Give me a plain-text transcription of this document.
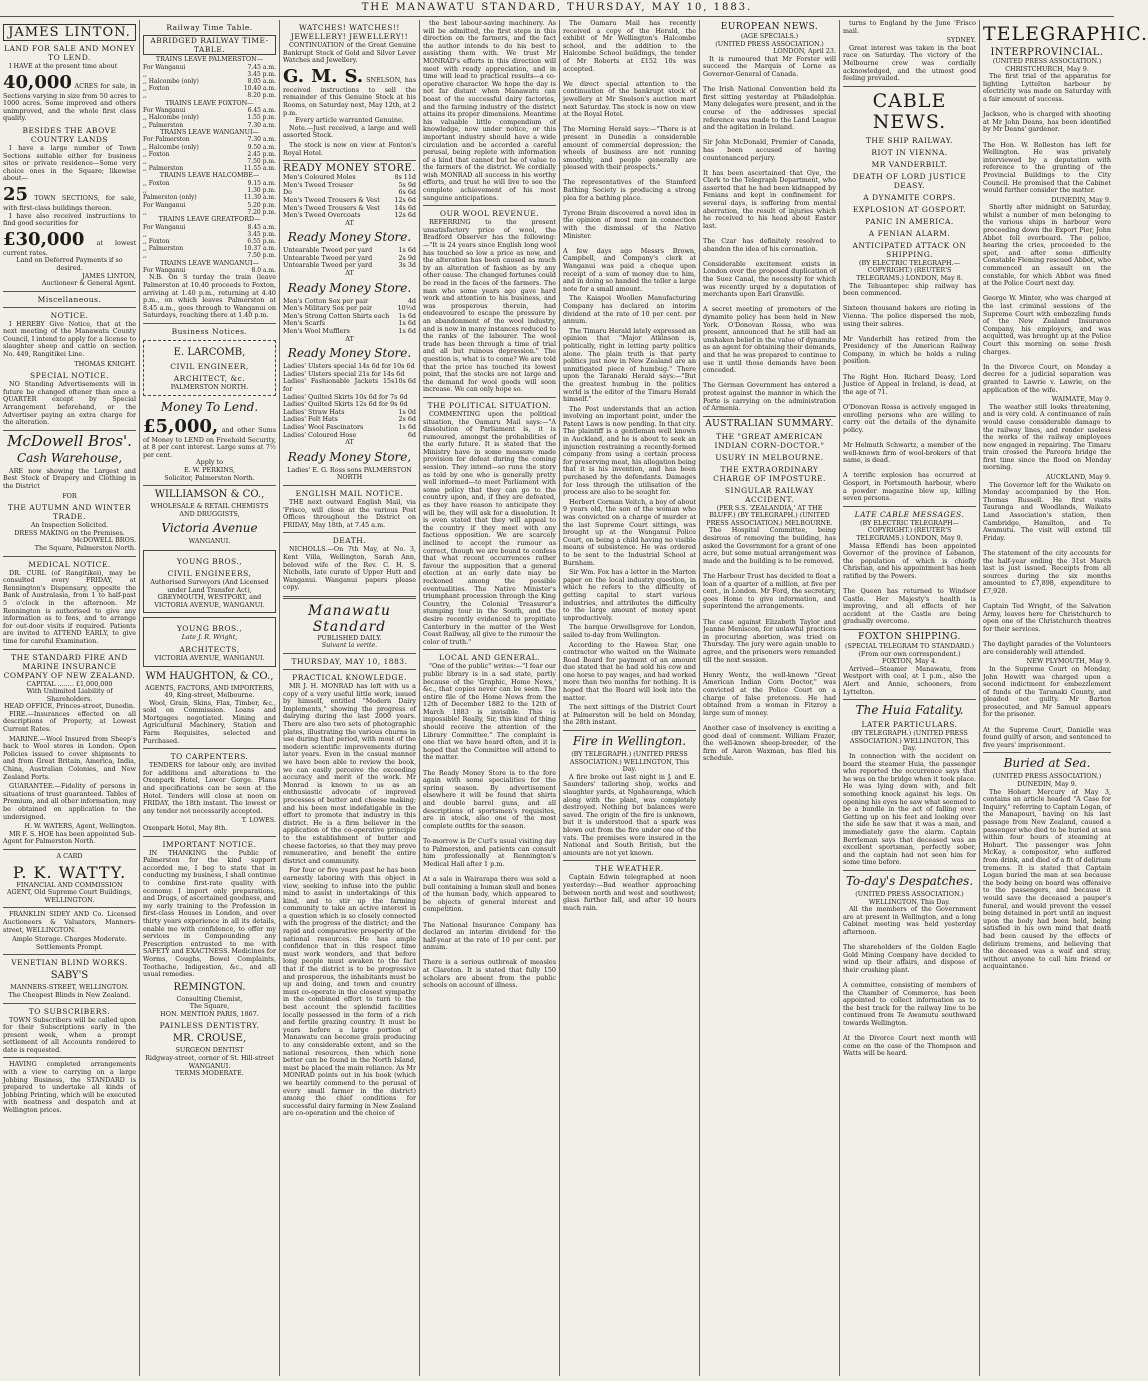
THE MANAWATU STANDARD, THURSDAY, MAY 10, 1883.
JAMES LINTON.
LAND FOR SALE AND MONEY TO LEND.
I HAVE at the present time about
40,000 ACRES for sale, in Sections varying in size from 50 acres to 1000 acres. Some improved and others unimproved, and the whole first class quality.
BESIDES THE ABOVE COUNTRY LANDS
I have a large number of Town Sections suitable either for business sites or private residence—Some very choice ones in the Square; likewise about—
25 TOWN SECTIONS, for sale, with first-class buildings thereon.
I have also received instructions to find good securities for
£30,000 at lowest current rates.
Land on Deferred Payments if so desired.
JAMES LINTON,
Auctioneer & General Agent.
Miscellaneous.
NOTICE.
I HEREBY Give Notice, that at the next meeting of the Manawatu County Council, I intend to apply for a license to slaughter sheep and cattle on section No. 449, Rangitikei Line.
THOMAS KNIGHT.
SPECIAL NOTICE.
NO Standing Advertisements will in future be changed oftener than once a QUARTER except by Special Arrangement beforehand, or the Advertiser paying an extra charge for the alteration.
McDowell Bros'.
Cash Warehouse,
ARE now showing the Largest and Best Stock of Drapery and Clothing in the District
FOR
THE AUTUMN AND WINTER TRADE.
An Inspection Solicited.
DRESS MAKING on the Premises.
McDOWELL BROS.
The Square, Palmerston North.
MEDICAL NOTICE.
DR. CURL (of Rangitikei), may be consulted every FRIDAY, at Rennington's Dispensary, opposite the Bank of Australasia, from 1 to half-past 5 o'clock in the afternoon. Mr Rennington is authorised to give any information as to fees, and to arrange for out-door visits if required. Patients are invited to ATTEND EARLY, to give time for careful Examination.
THE STANDARD FIRE AND MARINE INSURANCE COMPANY OF NEW ZEALAND.
CAPITAL ........ £1,000,000
With Unlimited Liability of Shareholders.
HEAD OFFICE, Princes-street, Dunedin.
FIRE.—Insurances effected on all descriptions of Property, at Lowest Current Rates.
MARINE.—Wool Insured from Sheep's back to Wool stores in London. Open Policies issued to cover shipments to and from Great Britain, America, India, China, Australian Colonies, and New Zealand Ports.
GUARANTEE.—Fidelity of persons in situations of trust guaranteed. Tables of Premium, and all other information, may be obtained on application to the undersigned.
H. W. WATERS, Agent, Wellington.
MR F. S. HOE has been appointed Sub-Agent for Palmerston North.
A CARD
P. K. WATTY.
FINANCIAL AND COMMISSION AGENT, Old Supreme Court Buildings, WELLINGTON.
FRANKLIN SIDEY AND Co. Licensed Auctioneers & Valuators, Manners-street, WELLINGTON.
Ample Storage. Charges Moderate.
Settlements Prompt.
VENETIAN BLIND WORKS.
SABY'S
MANNERS-STREET, WELLINGTON.
The Cheapest Blinds in New Zealand.
TO SUBSCRIBERS.
TOWN Subscribers will be called upon for their Subscriptions early in the present week, when a prompt settlement of all Accounts rendered to date is requested.
HAVING completed arrangements with a view to carrying on a large Jobbing Business, the STANDARD is prepared to undertake all kinds of Jobbing Printing, which will be executed with neatness and despatch and at Wellington prices.
Railway Time Table.
ABRIDGED RAILWAY TIME-TABLE.
TRAINS LEAVE PALMERSTON—
For Wanganui	7.45 a.m.
,,	3.45 p.m.
,, Halcombe (only)	8.05 a.m.
,, Foxton	10.40 a.m.
,,	8.20 p.m.
TRAINS LEAVE FOXTON—
For Wanganui	6.45 a.m.
,, Halcombe (only)	1.55 p.m.
,, Palmerston	7.30 a.m.
TRAINS LEAVE WANGANUI—
For Palmerston	7.30 a.m.
,, Halcombe (only)	9.50 a.m.
,, Foxton	2.45 p.m.
,,	7.50 p.m.
,, Palmerston	11.55 a.m.
TRAINS LEAVE HALCOMBE—
,, Foxton	9.15 a.m.
,,	1.30 p.m.
Palmerston (only)	11.30 a.m.
For Wanganui	5.20 p.m.
,,	7.20 p.m.
TRAINS LEAVE GREATFORD—
For Wanganui	8.45 a.m.
,,	3.45 p.m.
,, Foxton	6.55 p.m.
,, Palmerston	10.37 a.m.
,,	7.50 p.m.
TRAINS LEAVE WANGANUI—
For Wanganui	8.0 a.m.
N.B. On S turday the train (leave Palmerston at 10.40 proceeds to Foxton, arriving at 1.40 p.m., returning at 4.40 p.m., on which leaves Palmerston at 8.45 a.m., goes through to Wanganui on Saturdays, reaching there at 1.40 p.m.
Business Notices.
E. LARCOMB,
CIVIL ENGINEER,
ARCHITECT, &c.
PALMERSTON NORTH.
Money To Lend.
£5,000, and other Sums of Money to LEND on Freehold Security, at 8 per cent interest. Large sums at 7½ per cent.
Apply to
E. W. PERKINS,
Solicitor, Palmerston North.
WILLIAMSON & CO.,
WHOLESALE & RETAIL CHEMISTS AND DRUGGISTS,
Victoria Avenue
WANGANUI.
YOUNG BROS.,
CIVIL ENGINEERS,
Authorised Surveyors (And Licensed under Land Transfer Act),
GREYMOUTH, WESTPORT, and VICTORIA AVENUE, WANGANUI.
YOUNG BROS.,
Late J. R. Wright,
ARCHITECTS,
VICTORIA AVENUE, WANGANUI.
WM HAUGHTON, & CO.,
AGENTS, FACTORS, AND IMPORTERS, 49, King-street, Melbourne.
Wool, Grain, Skins, Flax, Timber, &c., sold on Commission. Loans and Mortgages negotiated. Mining and Agricultural Machinery, Station and Farm Requisites, selected and Purchased.
TO CARPENTERS.
TENDERS for labour only, are invited for additions and alterations to the Oxenpark Hotel, Lower Gorge. Plans and specifications can be seen at the Hotel. Tenders will close at noon on FRIDAY, the 18th instant. The lowest or any tender not necessarily accepted.
T. LOWES.
Oxenpark Hotel, May 8th.
IMPORTANT NOTICE.
IN THANKING the Public of Palmerston for the kind support accorded me, I beg to state that in conducting my business, I shall continue to combine first-rate quality with economy. I import only preparations, and Drugs, of ascertained goodness, and my early training to the Profession in first-class Houses in London, and over thirty years experience in all its details, enable me with confidence, to offer my services in Compounding any Prescription entrusted to me with SAFETY and EXACTNESS. Medicines for Worms, Coughs, Bowel Complaints, Toothache, Indigestion, &c., and all usual remedies.
REMINGTON.
Consulting Chemist,
The Square,
HON. MENTION PARIS, 1867.
PAINLESS DENTISTRY.
MR. CROUSE,
SURGEON DENTIST
Ridgway-street, corner of St. Hill-street WANGANUI.
TERMS MODERATE.
WATCHES! WATCHES!! JEWELLERY! JEWELLERY!!
CONTINUATION of the Great Genuine Bankrupt Stock of Gold and Silver Lever Watches and Jewellery.
G. M. S. SNELSON, has received instructions to sell the remainder of this Genuine Stock at his Rooms, on Saturday next, May 12th, at 2 p.m.
Every article warranted Genuine.
Note.—Just received, a large and well assorted Stock.
The stock is now on view at Fenton's Royal Hotel.
READY MONEY STORE.
Men's Coloured Moles	8s 11d
Men's Tweed Trouser	5s 9d
Do	6s 6d
Men's Tweed Trousers & Vest	12s 6d
Men's Tweed Trousers & Vest	14s 6d
Men's Tweed Overcoats	12s 6d
AT
Ready Money Store.
Untearable Tweed per yard	1s 6d
Untearable Tweed per yard	2s 9d
Untearable Tweed per yard	3s 3d
AT
Ready Money Store.
Men's Cotton Sox per pair	4d
Men's Military Sox per pair	10½d
Men's Strong Cotton Shirts each	1s 6d
Men's Scarfs	1s 6d
Men's Wool Mufflers	1s 6d
AT
Ready Money Store.
Ladies' Ulsters special 14s 6d for 10s 6d
Ladies' Ulsters special 21s for 14s 6d
Ladies' Fashionable Jackets 15s for
10s 6d
Ladies' Quilted Skirts 10s 6d for 7s 6d
Ladies' Quilted Skirts 12s 6d for 9s 6d
Ladies' Straw Hats	1s 0d
Ladies' Felt Hats	2s 6d
Ladies' Wool Fascinators	1s 6d
Ladies' Coloured Hose	6d
AT
Ready Money Store,
Ladies' E. G. Ross sons PALMERSTON NORTH
ENGLISH MAIL NOTICE.
THE next outward English Mail, via 'Frisco, will close at the various Post Offices throughout the District on FRIDAY, May 18th, at 7.45 a.m.
DEATH.
NICHOLLS.—On 7th May, at No. 3, Kent Villa, Wellington, Sarah Ann, beloved wife of the Rev. C. H. S. Nicholls, late curate of Upper Hutt and Wanganui. Wanganui papers please copy.
Manawatu Standard
PUBLISHED DAILY.
Suivant la verite.
THURSDAY, MAY 10, 1883.
PRACTICAL KNOWLEDGE.
MR J. H. MONRAD has left with us a copy of a very useful little work, issued by himself, entitled "Modern Dairy Implements," showing the progress of dairying during the last 2000 years. There are also two sets of photographic plates, illustrating the various churns in use during that period, with most of the modern scientific improvements during later years. Even in the casual manner we have been able to review the book, we can easily perceive the exceeding accuracy and merit of the work. Mr Monrad is known to us as an enthusiastic advocate of improved processes of butter and cheese making; and his been most indefatigable in the effort to promote that industry in this district. He is a firm believer in the application of the co-operative principle to the establishment of butter and cheese factories, so that they may prove remunerative, and benefit the entire district and community.
For four or five years past he has been earnestly laboring with this object in view, seeking to infuse into the public mind to assist in undertakings of this kind, and to stir up the farming community to take an active interest in a question which is so closely connected with the progress of the district; and the rapid and comparative prosperity of the national resources. He has ample confidence that in this respect time must work wonders, and that before long people must awaken to the fact that if the district is to be progressive and prosperous, the inhabitants must be up and doing, and town and country must co-operate in the closest sympathy in the combined effort to turn to the best account the splendid facilities locally possessed in the form of a rich and fertile grazing country. It must be years before a large portion of Manawatu can become grain producing to any considerable extent, and so the national resources, then which none better can be found in the North Island, must be placed the main reliance. As Mr MONRAD points out in his book (which we heartily commend to the perusal of every small farmer in the district) among the chief conditions for successful dairy farming in New Zealand are co-operation and the choice of
the best labour-saving machinery. As will be admitted, the first steps in this direction on the farmers, and the fact the author intends to do his best to assisting them with. We trust Mr MONRAD's efforts in this direction will meet with ready appreciation, and in time will lead to practical results—a co-operative character. We hope the day is not far distant when Manawatu can boast of the successful dairy factories, and the farming industry of the district attains its proper dimensions. Meantime his valuable little compendium of knowledge, now under notice, or this important industry should have a wide circulation and be accorded a careful perusal, being replete with information of a kind that cannot but be of value to the farmers of the district. We cordially wish MONRAD all success in his worthy efforts, and trust he will live to see the complete achievement of his most sanguine anticipations.
OUR WOOL REVENUE.
REFERRING to the present unsatisfactory price of wool, the Bradford Observer has the following:—"It is 24 years since English long wool has touched so low a price as now, and the alteration has been caused as much by an alteration of fashion as by any other cause. The changed fortunes could be read in the faces of the farmers. The man who some years ago gave hard work and attention to his business, and was prosperous therein, had endeavoured to escape the pressure by an abandonment of the wool industry, and is now in many instances reduced to the ranks of the labourer. The wool trade has been through a time of trial and all but ruinous depression." The question is, what is to come? We are told that the price has touched its lowest point, that the stocks are not large and the demand for wool goods will soon increase. We can only hope so.
THE POLITICAL SITUATION.
COMMENTING upon the political situation, the Oamaru Mail says:—"A dissolution of Parliament is, it is rumoured, amongst the probabilities of the early future. It is stated that the Ministry have in some measure made provision for defeat during the coming session. They intend—so runs the story as told by one who is generally pretty well informed—to meet Parliament with some policy that they can go to the country upon, and, if they are defeated, as they have reason to anticipate they will be, they will ask for a dissolution. It is even stated that they will appeal to the country if they meet with any factious opposition. We are scarcely inclined to accept the rumour as correct, though we are bound to confess that what recent occurrences rather favour the supposition that a general election at an early date may be reckoned among the possible eventualities. The Native Minister's triumphant procession through the King Country, the Colonial Treasurer's stumping tour in the South, and the desire recently evidenced to propitiate Canterbury in the matter of the West Coast Railway, all give to the rumour the color of truth."
LOCAL AND GENERAL.
"One of the public" writes:—"I fear our public library is in a sad state, partly because of the 'Graphic, Home News,' &c., that copies never can be seen. The entire file of the Home News from the 12th of December 1882 to the 12th of March 1883 is invisible. This is impossible! Really, Sir, this kind of thing should receive the attention of the Library Committee." The complaint is one that we have heard often, and it is hoped that the Committee will attend to the matter.

The Ready Money Store is to the fore again with some specialities for the spring season. By advertisement elsewhere it will be found that shirts and double barrel guns, and all descriptions of sportsmen's requisites, are in stock, also one of the most complete outfits for the season.

To-morrow is Dr Curl's usual visiting day to Palmerston, and patients can consult him professionally at Rennington's Medical Hall after 1 p.m.

At a sale in Wairarapa there was sold a bull containing a human skull and bones of the human body, which appeared to be objects of general interest and competition.

The National Insurance Company has declared an interim dividend for the half-year at the rate of 10 per cent. per annum.

There is a serious outbreak of measles at Clareton. It is stated that fully 150 scholars are absent from the public schools on account of illness.
The Oamaru Mail has recently received a copy of the Herald, the exhibit of Mr Wellington's Halcombe school, and the addition to the Halcombe School buildings, the tender of Mr Roberts at £152 10s was accepted.

We direct special attention to the continuation of the bankrupt stock of jewellery at Mr Snelson's auction mart next Saturday. The stock is now on view at the Royal Hotel.

The Morning Herald says:—"There is at present in Dunedin a considerable amount of commercial depression; the wheels of business are not running smoothly, and people generally are pleased with their prospects."

The representatives of the Stamford Bathing Society is producing a strong plea for a bathing place.

Tyrone Brain discovered a novel idea in the opinion of most men in connection with the dismissal of the Native Minister.

A few days ago Messrs Brown, Campbell, and Company's clerk at Wanganui was paid a cheque upon receipt of a sum of money due to him, and in doing so handed the teller a large note for a small amount.
The Kaiapoi Woollen Manufacturing Company has declared an interim dividend at the rate of 10 per cent. per annum.
The Timaru Herald lately expressed an opinion that "Major Atkinson is, politically, right in letting party politics alone. The plain truth is that party politics just now in New Zealand are an unmitigated piece of humbug." There upon the Taranaki Herald says:—"But the greatest humbug in the politics world is the editor of the Timaru Herald himself."
The Post understands that an action involving an important point, under the Patent Laws is now pending. In that city. The plaintiff is a gentleman well known in Auckland, and he is about to seek an injunction restraining a recently-formed company from using a certain process for preserving meat, his allegation being that it is his invention, and has been purchased by the defendants. Damages for loss through the utilisation of the process are also to be sought for.
Herbert Corman Veitch, a boy of about 9 years old, the son of the woman who was convicted on a charge of murder at the last Supreme Court sittings, was brought up at the Wanganui Police Court, on being a child having no visible means of subsistence. He was ordered to be sent to the Industrial School at Burnham.
Sir Wm. Fox has a letter in the Marton paper on the local industry question, in which he refers to the difficulty of getting capital to start various industries, and attributes the difficulty to the large amount of money spent unproductively.
The barque Orwellsgrove for London, sailed to-day from Wellington.
According to the Hawea Star, one contractor who waited on the Waimate Road Board for payment of an amount due stated that he had sold his cow and one horse to pay wages, and had worked more than two months for nothing. It is hoped that the Board will look into the matter.
The next sittings of the District Court at Palmerston will be held on Monday, the 28th instant.
Fire in Wellington.
(BY TELEGRAPH.) (UNITED PRESS ASSOCIATION.) WELLINGTON, This Day.
A fire broke out last night in J. and E. Saunders' tailoring shop, works and slaughter yards, at Ngahauranga, which along with the plant, was completely destroyed. Nothing but balances were saved. The origin of the fire is unknown, but it is understood that a spark was blown out from the fire under one of the vats. The premises were insured in the National and South British, but the amounts are not yet known.
THE WEATHER.
Captain Edwin telegraphed at noon yesterday:—Bad weather approaching between north and west and southwest; glass further fall, and after 10 hours much rain.
EUROPEAN NEWS.
(AGE SPECIALS.)
(UNITED PRESS ASSOCIATION.)
LONDON, April 23.
It is rumoured that Mr Forster will succeed the Marquis of Lorne as Governor-General of Canada.

The Irish National Convention held its first sitting yesterday at Philadelphia. Many delegates were present, and in the course of the addresses special reference was made to the Land League and the agitation in Ireland.

Sir John McDonald, Premier of Canada, has been accused of having countenanced perjury.

It has been ascertained that Gye, the Clerk to the Telegraph Department, who asserted that he had been kidnapped by Fenians and kept in confinement for several days, is suffering from mental aberration, the result of injuries which he received to his head about Easter last.

The Czar has definitely resolved to abandon the idea of his coronation.

Considerable excitement exists in London over the proposed duplication of the Suez Canal, the necessity for which was recently urged by a deputation of merchants upon Earl Granville.

A secret meeting of promoters of the dynamite policy has been held in New York. O'Donovan Rossa, who was present, announced that he still had an unshaken belief in the value of dynamite as an agent for obtaining their demands, and that he was prepared to continue to use it until those demands have been conceded.

The German Government has entered a protest against the manner in which the Porte is carrying on the administration of Armenia.
AUSTRALIAN SUMMARY.
THE "GREAT AMERICAN INDIAN CORN-DOCTOR."
USURY IN MELBOURNE.
THE EXTRAORDINARY CHARGE OF IMPOSTURE.
SINGULAR RAILWAY ACCIDENT.
(PER S.S. 'ZEALANDIA,' AT THE BLUFF.) (BY TELEGRAPH.) (UNITED PRESS ASSOCIATION.) MELBOURNE.
The Hospital Committee, being desirous of removing the building, has asked the Government for a grant of one acre, but some mutual arrangement was made and the building is to be removed.

The Harbour Trust has decided to float a loan of a quarter of a million, at five per cent., in London. Mr Ford, the secretary, goes Home to give information, and superintend the arrangements.

The case against Elizabeth Taylor and Jeanne Meniscon, for unlawful practices in procuring abortion, was tried on Thursday. The jury were again unable to agree, and the prisoners were remanded till the next session.

Henry Wentz, the well-known "Great American Indian Corn Doctor," was convicted at the Police Court on a charge of false pretences. He had obtained from a woman in Fitzroy a large sum of money.

Another case of insolvency is exciting a good deal of comment. William Frazer, the well-known sheep-breeder, of the firm of Aaron Waxman, has filed his schedule.
turns to England by the June 'Frisco mail.
SYDNEY.
Great interest was taken in the boat race on Saturday. The victory of the Melbourne crew was cordially acknowledged, and the utmost good feeling prevailed.
CABLE NEWS.
THE SHIP RAILWAY.
RIOT IN VIENNA.
MR VANDERBILT.
DEATH OF LORD JUSTICE DEASY.
A DYNAMITE CORPS.
EXPLOSION AT GOSPORT.
PANIC IN AMERICA.
A FENIAN ALARM.
ANTICIPATED ATTACK ON SHIPPING.
(BY ELECTRIC TELEGRAPH.—COPYRIGHT.) (REUTER'S TELEGRAMS.) LONDON, May 8.
The Tehuantepec ship railway has been commenced.

Sixteen thousand bakers are rioting in Vienna. The police dispersed the mob, using their sabres.

Mr Vanderbilt has retired from the Presidency of the American Railway Company, in which he holds a ruling position.

The Right Hon. Richard Deasy, Lord Justice of Appeal in Ireland, is dead, at the age of 71.

O'Donovan Rossa is actively engaged in enrolling persons who are willing to carry out the details of the dynamite policy.

Mr Helmuth Schwartz, a member of the well-known firm of wool-brokers of that name, is dead.

A terrific explosion has occurred at Gosport, in Portsmouth harbour, where a powder magazine blew up, killing seven persons.
LATE CABLE MESSAGES.
(BY ELECTRIC TELEGRAPH—COPYRIGHT.) (REUTER'S TELEGRAMS.) LONDON, May 9.
Massa Effendi has been appointed Governor of the province of Lebanon, the population of which is chiefly Christian, and his appointment has been ratified by the Powers.

The Queen has returned to Windsor Castle. Her Majesty's health is improving, and all effects of her accident at the Castle are being gradually overcome.
FOXTON SHIPPING.
(SPECIAL TELEGRAM TO STANDARD.) (From our own correspondent.) FOXTON, May 4.
Arrived—Steamer Manawatu, from Westport with coal, at 1 p.m., also the Alert and Annie, schooners, from Lyttelton.
The Huia Fatality.
LATER PARTICULARS.
(BY TELEGRAPH.) (UNITED PRESS ASSOCIATION.) WELLINGTON, This Day.
In connection with the accident on board the steamer Huia, the passenger who reported the occurrence says that he was on the bridge when it took place. He was lying down with, and felt something knock against his legs. On opening his eyes he saw what seemed to be a bundle in the act of falling over. Getting up on his feet and looking over the side he saw that it was a man, and immediately gave the alarm. Captain Berrleman says that deceased was an excellent sportsman, perfectly sober, and the captain had not seen him for some time before.
To-day's Despatches.
(UNITED PRESS ASSOCIATION.) WELLINGTON, This Day.
All the members of the Government are at present in Wellington, and a long Cabinet meeting was held yesterday afternoon.

The shareholders of the Golden Eagle Gold Mining Company have decided to wind up their affairs, and dispose of their crushing plant.

A committee, consisting of members of the Chamber of Commerce, has been appointed to collect information as to the best track for the railway line to be continued from Te Awamutu southward towards Wellington.

At the Divorce Court next month will come on the case of the Thompson and Watts will be heard.
TELEGRAPHIC.
INTERPROVINCIAL.
(UNITED PRESS ASSOCIATION.) CHRISTCHURCH, May 9.
The first trial of the apparatus for lighting Lyttelton harbour by electricity was made on Saturday with a fair amount of success.

Jackson, who is charged with shooting at Mr John Deans, has been identified by Mr Deans' gardener.

The Hon. W. Rolleston has left for Wellington. He was privately interviewed by a deputation with reference to the granting of the Provincial Buildings to the City Council. He promised that the Cabinet would further consider the matter.
DUNEDIN, May 9.
Shortly after midnight on Saturday, whilst a number of men belonging to the various ships in harbour were proceeding down the Export Pier, John Abbot fell overboard. The police, hearing the cries, proceeded to the spot, and after some difficulty Constable Fleming rescued Abbot, who commenced an assault on the constable, for which Abbot was fined at the Police Court next day.

George W. Minter, who was charged at the last criminal sessions of the Supreme Court with embezzling funds of the New Zealand Insurance Company, his employers, and was acquitted, was brought up at the Police Court this morning on some fresh charges.

In the Divorce Court, on Monday a decree for a judicial separation was granted to Lawrie v. Lawrie, on the application of the wife.
WAIMATE, May 9.
The weather still looks threatening, and is very cold. A continuance of rain would cause considerable damage to the railway lines, and render useless the works of the railway employees now engaged in repairing. The Timaru train crossed the Pareora bridge the first time since the flood on Monday morning.
AUCKLAND, May 9.
The Governor left for the Waikato on Monday accompanied by the Hon. Thomas Russell. He first visits Tauranga and Woodlands, Waikato Land Association's station, then Cambridge, Hamilton, and Te Awamutu. The visit will extend till Friday.

The statement of the city accounts for the half-year ending the 31st March last is just issued. Receipts from all sources during the six months amounted to £7,898, expenditure to £7,928.

Captain Ted Wright, of the Salvation Army, leaves here for Christchurch to open one of the Christchurch theatres for their services.

The daylight parades of the Volunteers are considerably well attended.
NEW PLYMOUTH, May 9.
In the Supreme Court on Monday, John Hewitt was charged upon a second indictment for embezzlement of funds of the Taranaki County, and pleaded not guilty. Mr Barton prosecuted, and Mr Samuel appears for the prisoner.

At the Supreme Court, Danielle was found guilty of arson, and sentenced to five years' imprisonment.
Buried at Sea.
(UNITED PRESS ASSOCIATION.) DUNEDIN, May 9.
The Hobart Mercury of May 3, contains an article headed "A Case for Inquiry," referring to Captain Logan, of the Manapouri, having on his last passage from New Zealand, caused a passenger who died to be buried at sea within four hours of steaming at Hobart. The passenger was John McKay, a compositor, who suffered from drink, and died of a fit of delirium tremens. It is stated that Captain Logan buried the man at sea because the body being on board was offensive to the passengers, and because it would save the deceased a pauper's funeral, and would prevent the vessel being detained in port until an inquest upon the body had been held, being satisfied in his own mind that death had been caused by the effects of delirium tremens, and believing that the deceased was a waif and stray, without anyone to call him friend or acquaintance.
